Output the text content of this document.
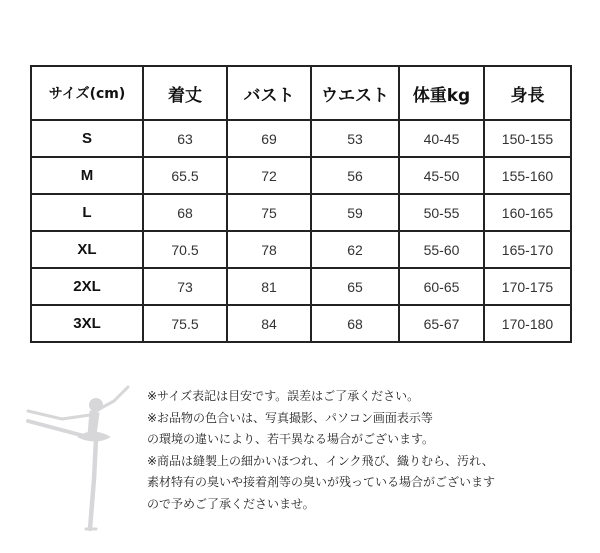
サイズ(cm)	着丈	バスト	ウエスト	体重kg	身長
S	63	69	53	40-45	150-155
M	65.5	72	56	45-50	155-160
L	68	75	59	50-55	160-165
XL	70.5	78	62	55-60	165-170
2XL	73	81	65	60-65	170-175
3XL	75.5	84	68	65-67	170-180

※サイズ表記は目安です。誤差はご了承ください。

※お品物の色合いは、写真撮影、パソコン画面表示等

の環境の違いにより、若干異なる場合がございます。

※商品は縫製上の細かいほつれ、インク飛び、織りむら、汚れ、

素材特有の臭いや接着剤等の臭いが残っている場合がございます

ので予めご了承くださいませ。
